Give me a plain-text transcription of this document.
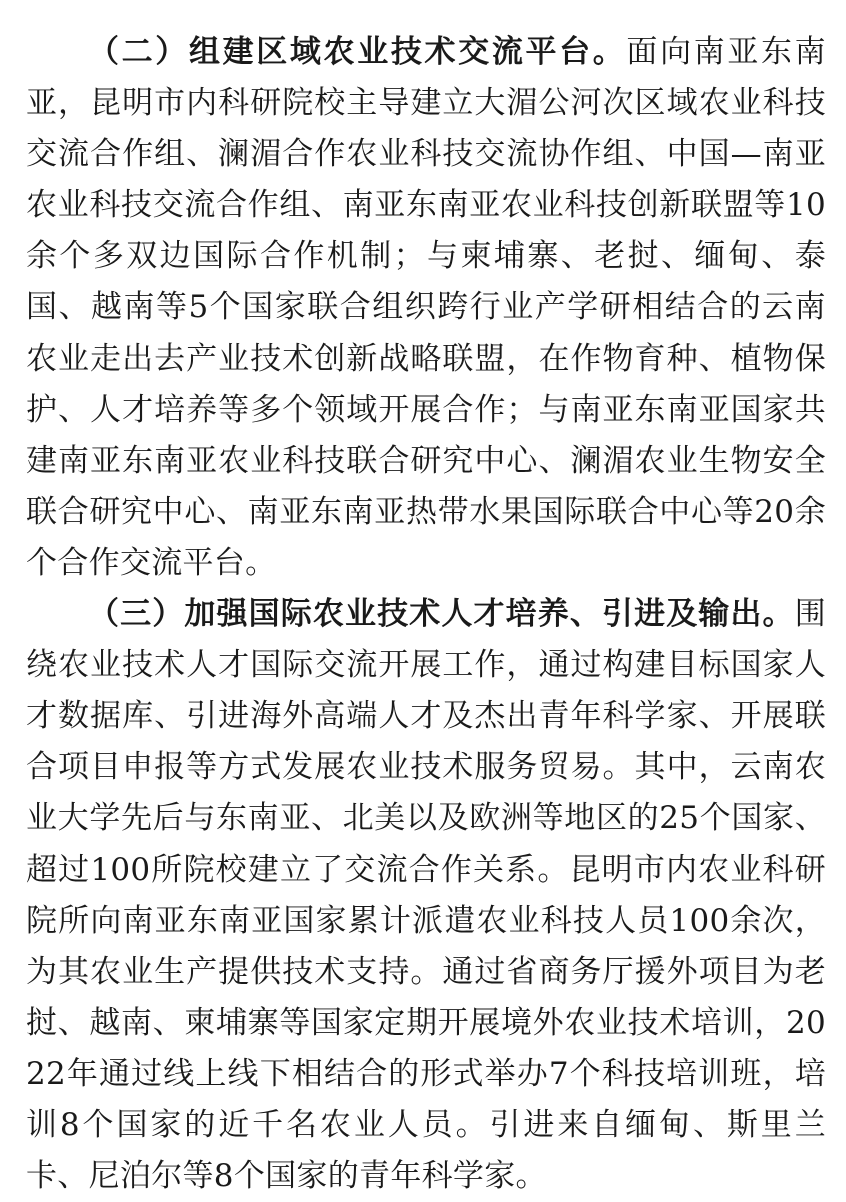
（二）组建区域农业技术交流平台。面向南亚东南亚，昆明市内科研院校主导建立大湄公河次区域农业科技交流合作组、澜湄合作农业科技交流协作组、中国—南亚农业科技交流合作组、南亚东南亚农业科技创新联盟等10余个多双边国际合作机制；与柬埔寨、老挝、缅甸、泰国、越南等5个国家联合组织跨行业产学研相结合的云南农业走出去产业技术创新战略联盟，在作物育种、植物保护、人才培养等多个领域开展合作；与南亚东南亚国家共建南亚东南亚农业科技联合研究中心、澜湄农业生物安全联合研究中心、南亚东南亚热带水果国际联合中心等20余个合作交流平台。

（三）加强国际农业技术人才培养、引进及输出。围绕农业技术人才国际交流开展工作，通过构建目标国家人才数据库、引进海外高端人才及杰出青年科学家、开展联合项目申报等方式发展农业技术服务贸易。其中，云南农业大学先后与东南亚、北美以及欧洲等地区的25个国家、超过100所院校建立了交流合作关系。昆明市内农业科研院所向南亚东南亚国家累计派遣农业科技人员100余次，为其农业生产提供技术支持。通过省商务厅援外项目为老挝、越南、柬埔寨等国家定期开展境外农业技术培训，2022年通过线上线下相结合的形式举办7个科技培训班，培训8个国家的近千名农业人员。引进来自缅甸、斯里兰卡、尼泊尔等8个国家的青年科学家。
